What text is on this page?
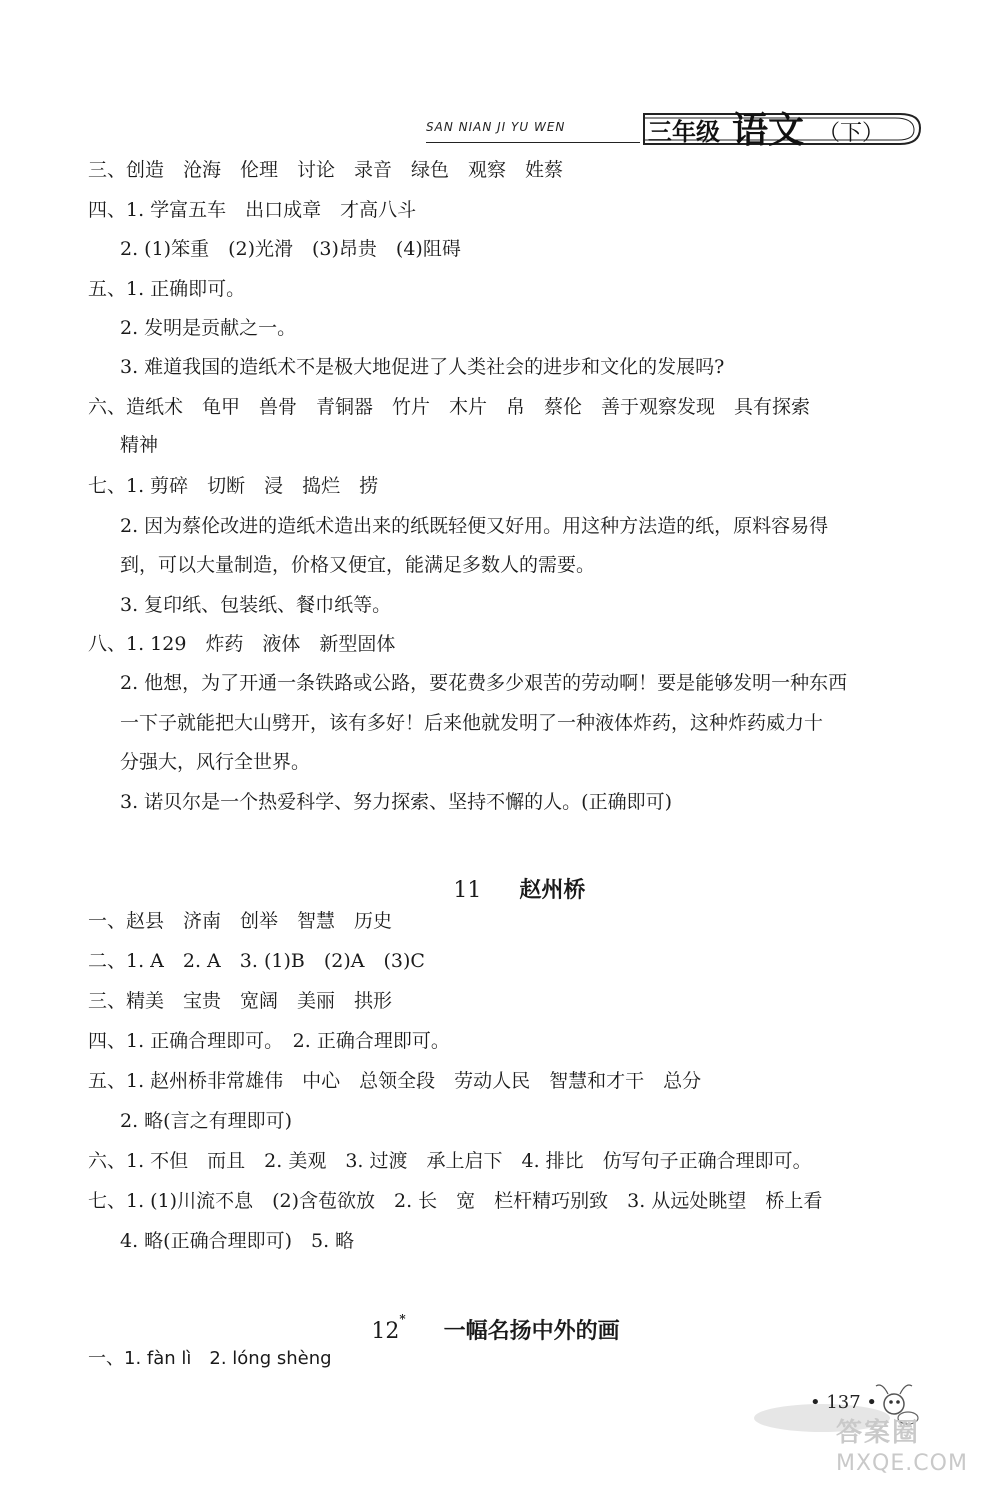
SAN NIAN JI YU WEN	三年级 语文 （下）
三、创造　沧海　伦理　讨论　录音　绿色　观察　姓蔡
四、1. 学富五车　出口成章　才高八斗
2. (1)笨重　(2)光滑　(3)昂贵　(4)阻碍
五、1. 正确即可。
2. 发明是贡献之一。
3. 难道我国的造纸术不是极大地促进了人类社会的进步和文化的发展吗?
六、造纸术　龟甲　兽骨　青铜器　竹片　木片　帛　蔡伦　善于观察发现　具有探索
精神
七、1. 剪碎　切断　浸　捣烂　捞
2. 因为蔡伦改进的造纸术造出来的纸既轻便又好用。用这种方法造的纸，原料容易得
到，可以大量制造，价格又便宜，能满足多数人的需要。
3. 复印纸、包装纸、餐巾纸等。
八、1. 129　炸药　液体　新型固体
2. 他想，为了开通一条铁路或公路，要花费多少艰苦的劳动啊！要是能够发明一种东西
一下子就能把大山劈开，该有多好！后来他就发明了一种液体炸药，这种炸药威力十
分强大，风行全世界。
3. 诺贝尔是一个热爱科学、努力探索、坚持不懈的人。(正确即可)

11 赵州桥

一、赵县　济南　创举　智慧　历史
二、1. A　2. A　3. (1)B　(2)A　(3)C
三、精美　宝贵　宽阔　美丽　拱形
四、1. 正确合理即可。　2. 正确合理即可。
五、1. 赵州桥非常雄伟　中心　总领全段　劳动人民　智慧和才干　总分
2. 略(言之有理即可)
六、1. 不但　而且　2. 美观　3. 过渡　承上启下　4. 排比　仿写句子正确合理即可。
七、1. (1)川流不息　(2)含苞欲放　2. 长　宽　栏杆精巧别致　3. 从远处眺望　桥上看
4. 略(正确合理即可)　5. 略

12* 一幅名扬中外的画

一、1. fàn lì　2. lóng shèng
• 137 •
答案圈
MXQE.COM
